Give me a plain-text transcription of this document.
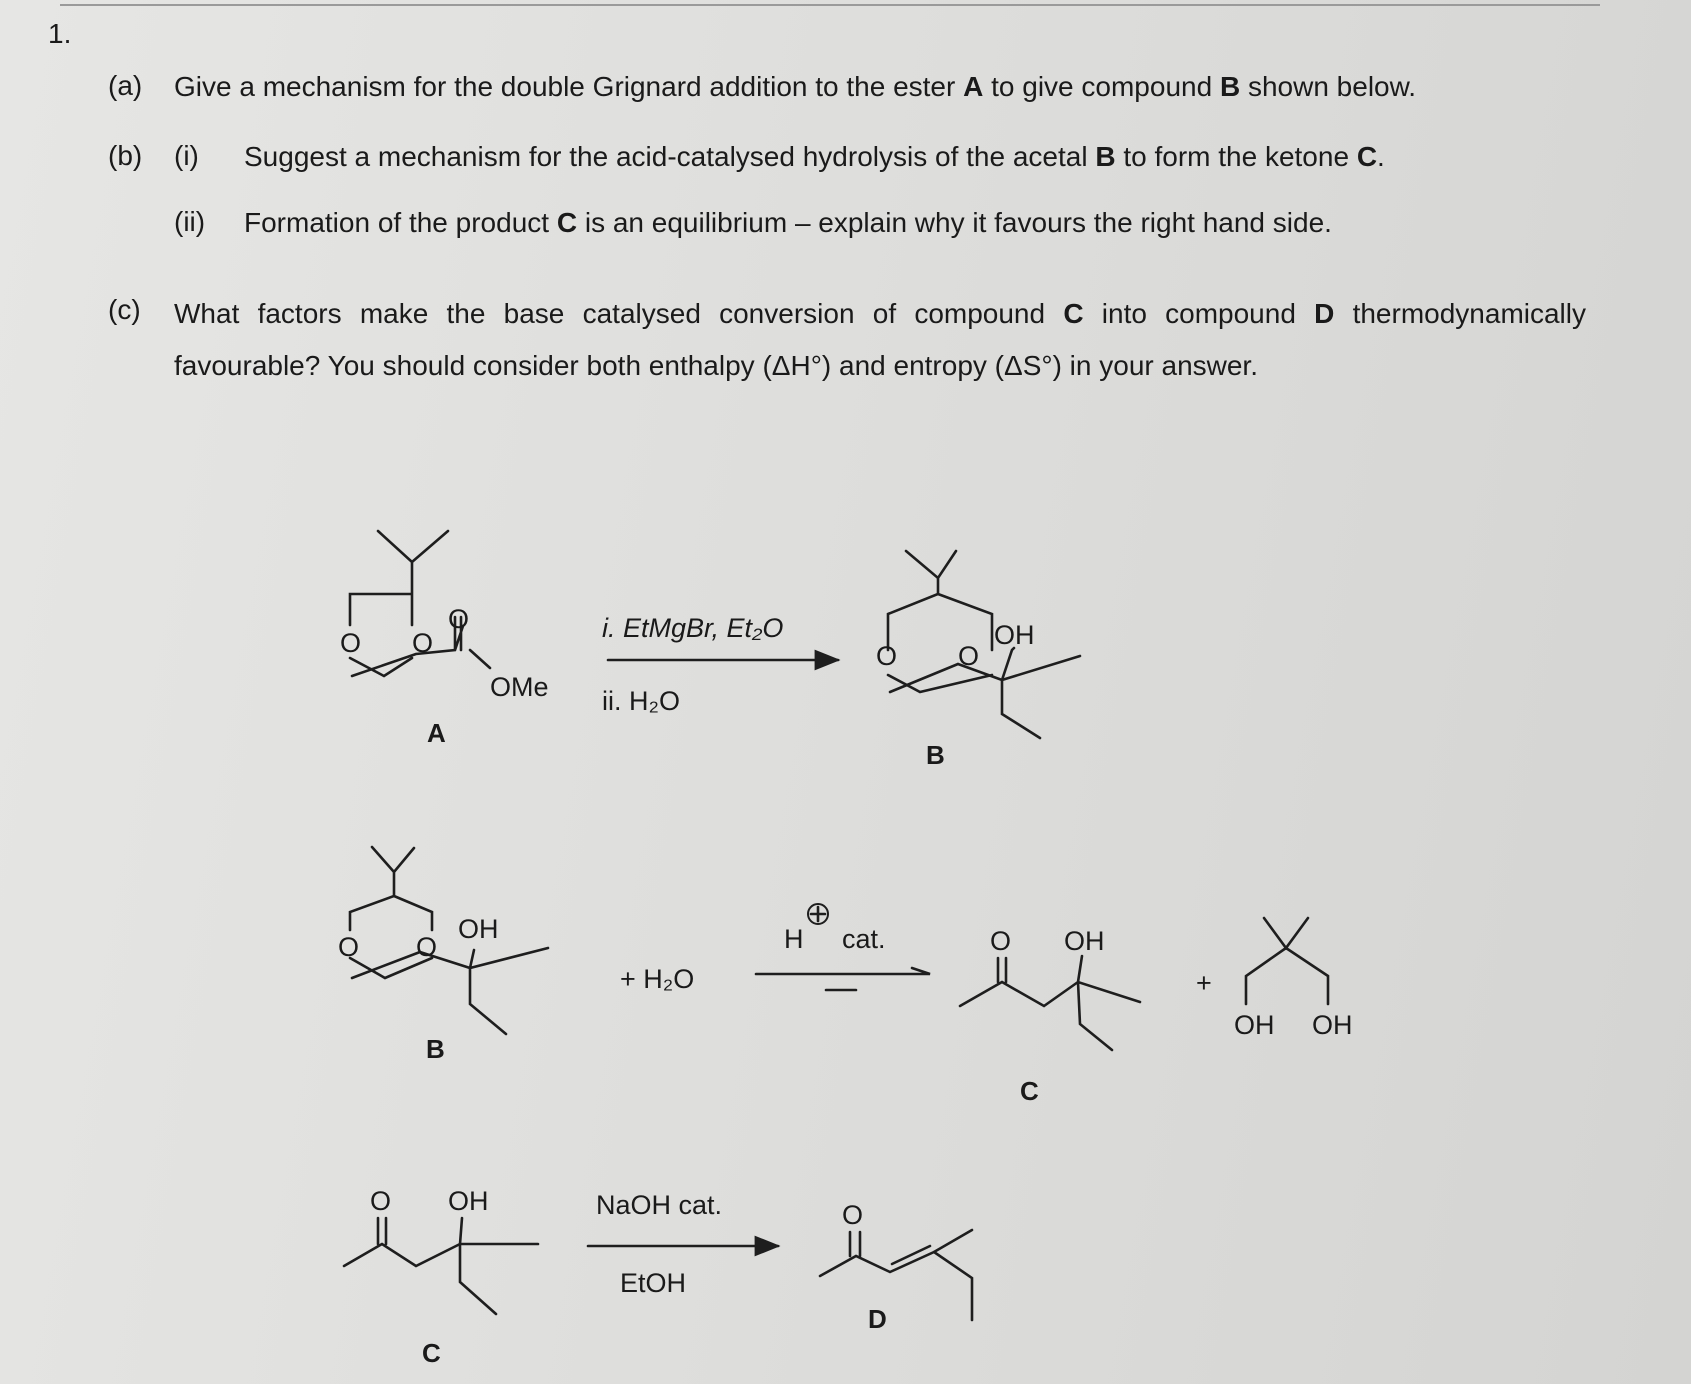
1.
(a) Give a mechanism for the double Grignard addition to the ester A to give compound B shown below.
(b) (i) Suggest a mechanism for the acid-catalysed hydrolysis of the acetal B to form the ketone C.
(ii) Formation of the product C is an equilibrium – explain why it favours the right hand side.
(c) What factors make the base catalysed conversion of compound C into compound D thermodynamically favourable? You should consider both enthalpy (ΔH°) and entropy (ΔS°) in your answer.
O O
O
OMe
A
i. EtMgBr, Et₂O
ii. H₂O
O O
OH
B
O O
OH
B
+ H₂O
H cat.	O OH
C
+
OH OH
O OH
C
NaOH cat.
EtOH
O
D
